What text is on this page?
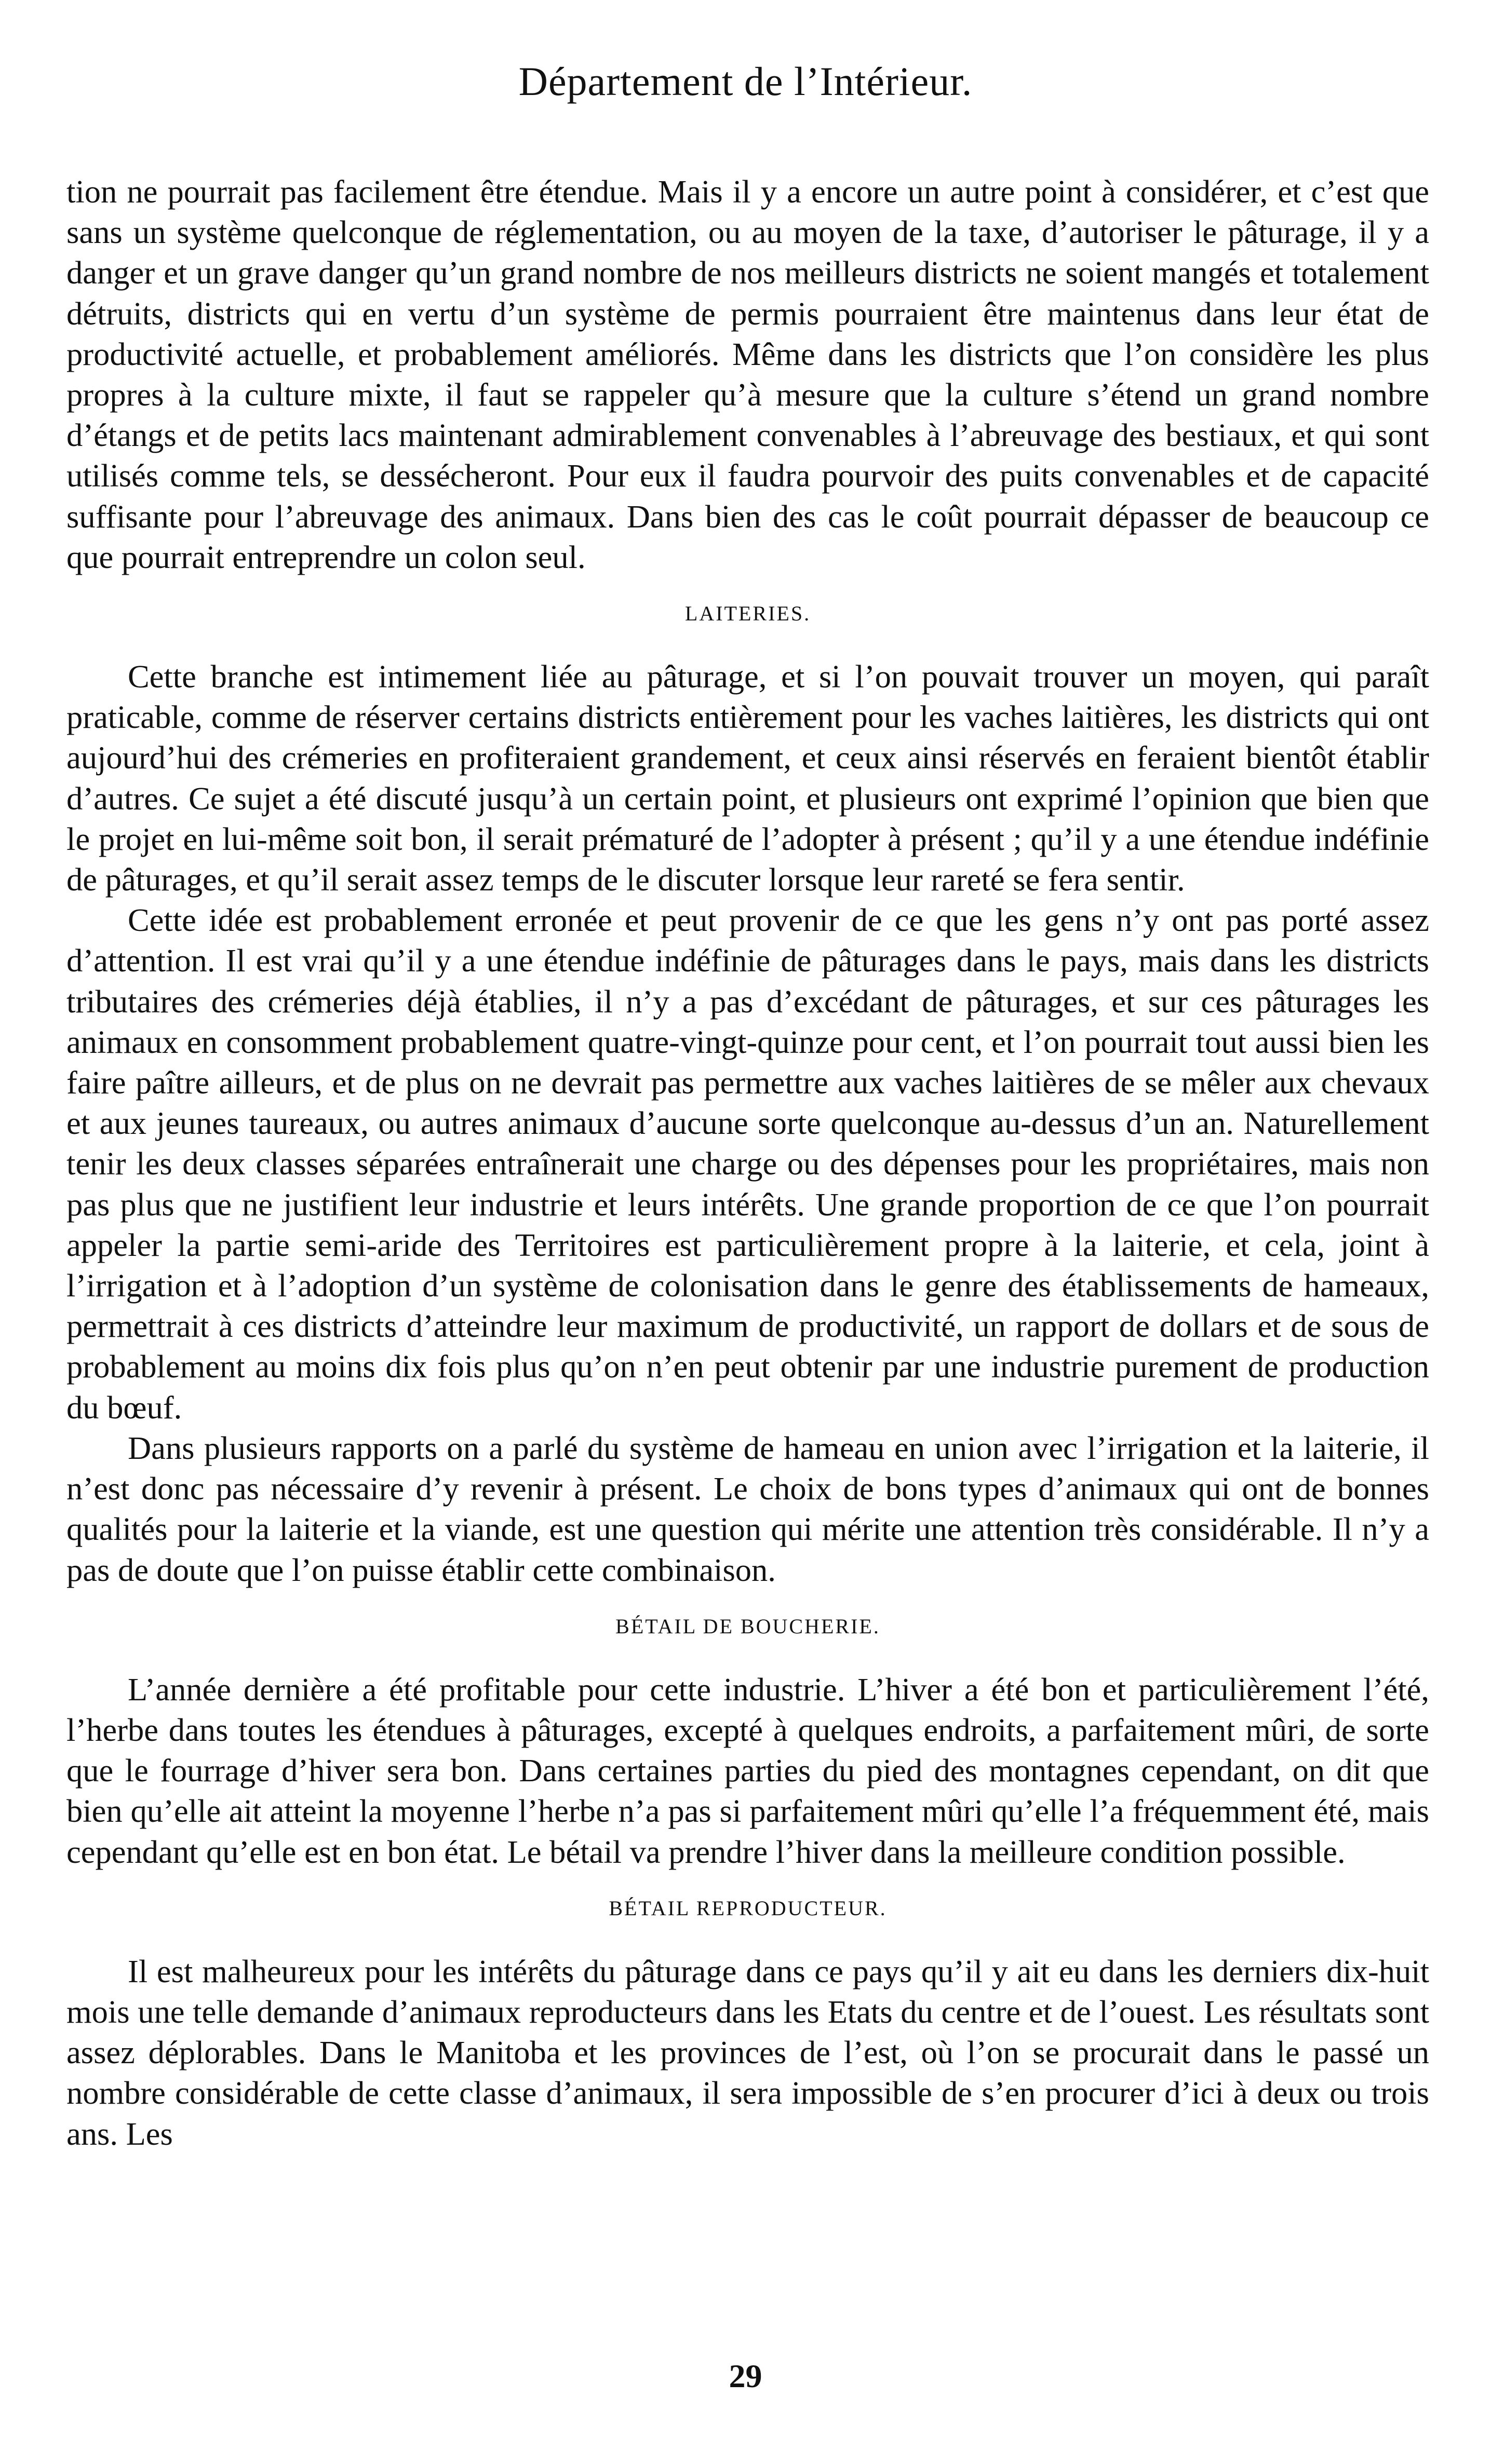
Département de l’Intérieur.

tion ne pourrait pas facilement être étendue. Mais il y a encore un autre point à considérer, et c’est que sans un système quelconque de réglementation, ou au moyen de la taxe, d’autoriser le pâturage, il y a danger et un grave danger qu’un grand nombre de nos meilleurs districts ne soient mangés et totalement détruits, districts qui en vertu d’un système de permis pourraient être maintenus dans leur état de productivité actuelle, et probablement améliorés. Même dans les districts que l’on considère les plus propres à la culture mixte, il faut se rappeler qu’à mesure que la culture s’étend un grand nombre d’étangs et de petits lacs maintenant admirablement convenables à l’abreuvage des bestiaux, et qui sont utilisés comme tels, se dessécheront. Pour eux il faudra pourvoir des puits convenables et de capacité suffisante pour l’abreuvage des animaux. Dans bien des cas le coût pourrait dépasser de beaucoup ce que pourrait entreprendre un colon seul.

LAITERIES.

Cette branche est intimement liée au pâturage, et si l’on pouvait trouver un moyen, qui paraît praticable, comme de réserver certains districts entièrement pour les vaches laitières, les districts qui ont aujourd’hui des crémeries en profiteraient grandement, et ceux ainsi réservés en feraient bientôt établir d’autres. Ce sujet a été discuté jusqu’à un certain point, et plusieurs ont exprimé l’opinion que bien que le projet en lui-même soit bon, il serait prématuré de l’adopter à présent ; qu’il y a une étendue indéfinie de pâturages, et qu’il serait assez temps de le discuter lorsque leur rareté se fera sentir.

Cette idée est probablement erronée et peut provenir de ce que les gens n’y ont pas porté assez d’attention. Il est vrai qu’il y a une étendue indéfinie de pâturages dans le pays, mais dans les districts tributaires des crémeries déjà établies, il n’y a pas d’excédant de pâturages, et sur ces pâturages les animaux en consomment probablement quatre-vingt-quinze pour cent, et l’on pourrait tout aussi bien les faire paître ailleurs, et de plus on ne devrait pas permettre aux vaches laitières de se mêler aux chevaux et aux jeunes taureaux, ou autres animaux d’aucune sorte quelconque au-dessus d’un an. Naturellement tenir les deux classes séparées entraînerait une charge ou des dépenses pour les propriétaires, mais non pas plus que ne justifient leur industrie et leurs intérêts. Une grande proportion de ce que l’on pourrait appeler la partie semi-aride des Territoires est particulièrement propre à la laiterie, et cela, joint à l’irrigation et à l’adoption d’un système de colonisation dans le genre des établissements de hameaux, permettrait à ces districts d’atteindre leur maximum de productivité, un rapport de dollars et de sous de probablement au moins dix fois plus qu’on n’en peut obtenir par une industrie purement de production du bœuf.

Dans plusieurs rapports on a parlé du système de hameau en union avec l’irrigation et la laiterie, il n’est donc pas nécessaire d’y revenir à présent. Le choix de bons types d’animaux qui ont de bonnes qualités pour la laiterie et la viande, est une question qui mérite une attention très considérable. Il n’y a pas de doute que l’on puisse établir cette combinaison.

BÉTAIL DE BOUCHERIE.

L’année dernière a été profitable pour cette industrie. L’hiver a été bon et particulièrement l’été, l’herbe dans toutes les étendues à pâturages, excepté à quelques endroits, a parfaitement mûri, de sorte que le fourrage d’hiver sera bon. Dans certaines parties du pied des montagnes cependant, on dit que bien qu’elle ait atteint la moyenne l’herbe n’a pas si parfaitement mûri qu’elle l’a fréquemment été, mais cependant qu’elle est en bon état. Le bétail va prendre l’hiver dans la meilleure condition possible.

BÉTAIL REPRODUCTEUR.

Il est malheureux pour les intérêts du pâturage dans ce pays qu’il y ait eu dans les derniers dix-huit mois une telle demande d’animaux reproducteurs dans les Etats du centre et de l’ouest. Les résultats sont assez déplorables. Dans le Manitoba et les provinces de l’est, où l’on se procurait dans le passé un nombre considérable de cette classe d’animaux, il sera impossible de s’en procurer d’ici à deux ou trois ans. Les

29
